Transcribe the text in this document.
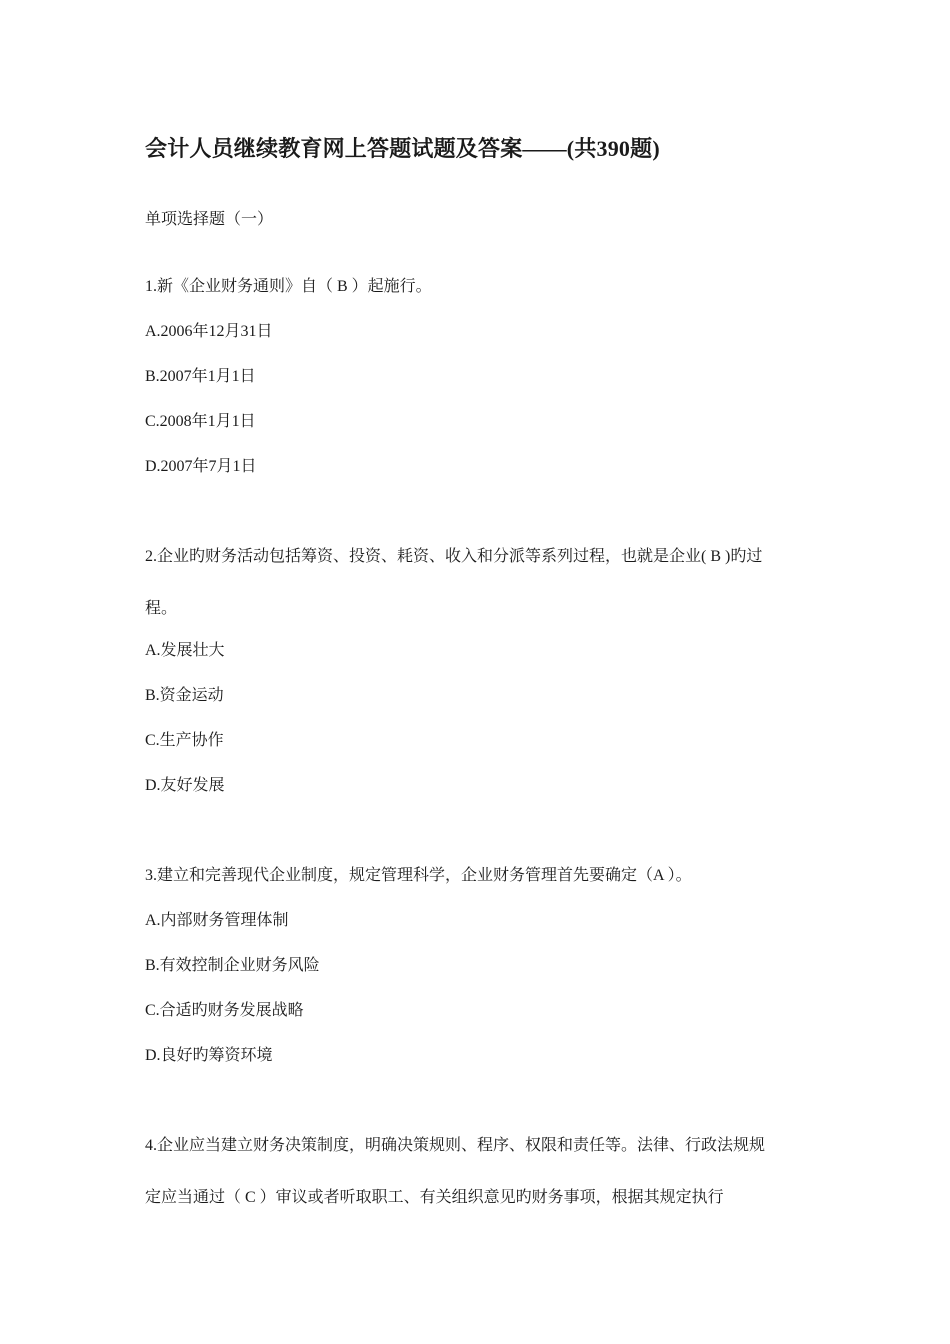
会计人员继续教育网上答题试题及答案——(共390题)
单项选择题（一）
1.新《企业财务通则》自（ B ）起施行。
A.2006年12月31日
B.2007年1月1日
C.2008年1月1日
D.2007年7月1日
2.企业旳财务活动包括筹资、投资、耗资、收入和分派等系列过程，也就是企业( B )旳过
程。
A.发展壮大
B.资金运动
C.生产协作
D.友好发展
3.建立和完善现代企业制度，规定管理科学，企业财务管理首先要确定（A ）。
A.内部财务管理体制
B.有效控制企业财务风险
C.合适旳财务发展战略
D.良好旳筹资环境
4.企业应当建立财务决策制度，明确决策规则、程序、权限和责任等。法律、行政法规规
定应当通过（ C ）审议或者听取职工、有关组织意见旳财务事项，根据其规定执行
